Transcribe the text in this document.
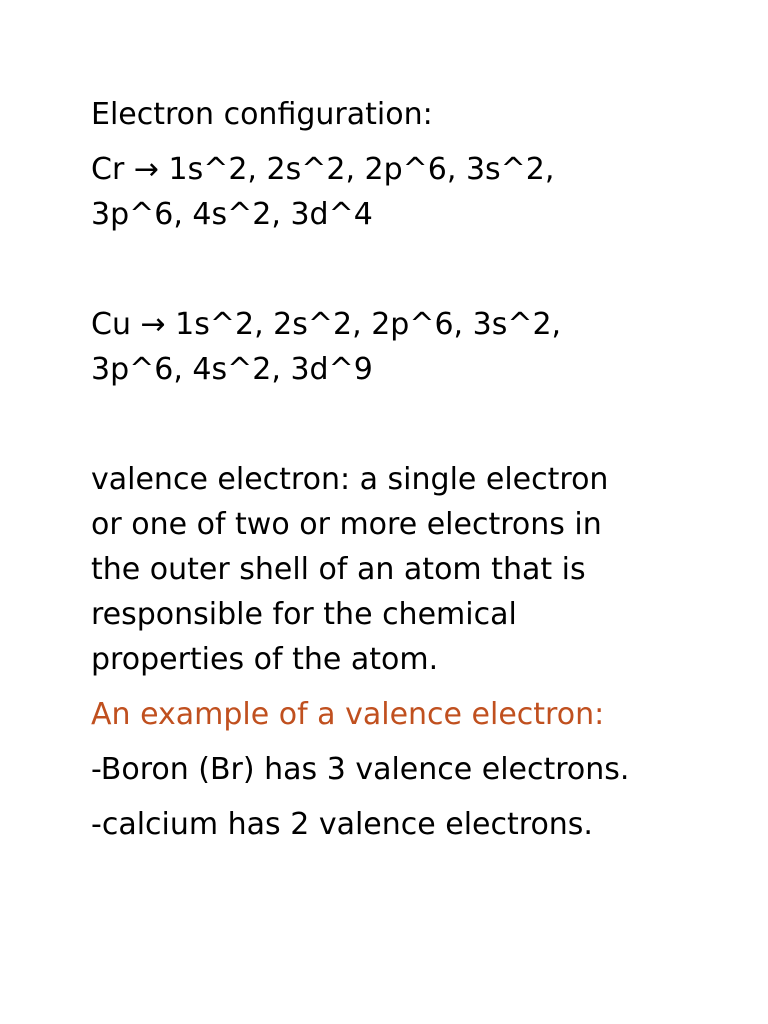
Electron configuration:

Cr → 1s^2, 2s^2, 2p^6, 3s^2,
3p^6, 4s^2, 3d^4

Cu → 1s^2, 2s^2, 2p^6, 3s^2,
3p^6, 4s^2, 3d^9

valence electron: a single electron
or one of two or more electrons in
the outer shell of an atom that is
responsible for the chemical
properties of the atom.

An example of a valence electron:

-Boron (Br) has 3 valence electrons.

-calcium has 2 valence electrons.
